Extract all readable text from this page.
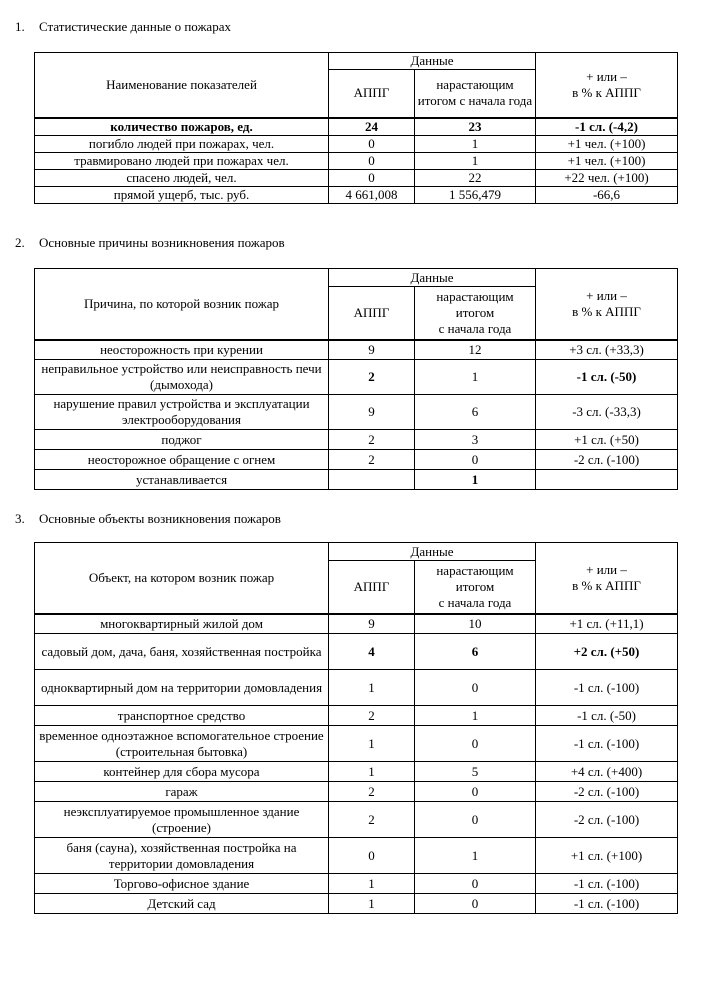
1. Статистические данные о пожарах
Наименование показателей	Данные		+ или –
в % к АППГ
	АППГ	нарастающим итогом с начала года	
количество пожаров, ед.	24	23	-1 сл. (-4,2)
погибло людей при пожарах, чел.	0	1	+1 чел. (+100)
травмировано людей при пожарах чел.	0	1	+1 чел. (+100)
спасено людей, чел.	0	22	+22 чел. (+100)
прямой ущерб, тыс. руб.	4 661,008	1 556,479	-66,6
2. Основные причины возникновения пожаров
Причина, по которой возник пожар	Данные		+ или –
в % к АППГ
	АППГ	нарастающим
итогом
с начала года	
неосторожность при курении	9	12	+3 сл. (+33,3)
неправильное устройство или неисправность печи (дымохода)	2	1	-1 сл. (-50)
нарушение правил устройства и эксплуатации электрооборудования	9	6	-3 сл. (-33,3)
поджог	2	3	+1 сл. (+50)
неосторожное обращение с огнем	2	0	-2 сл. (-100)
устанавливается		1	
3. Основные объекты возникновения пожаров
Объект, на котором возник пожар	Данные		+ или –
в % к АППГ
	АППГ	нарастающим
итогом
с начала года	
многоквартирный жилой дом	9	10	+1 сл. (+11,1)
садовый дом, дача, баня, хозяйственная постройка	4	6	+2 сл. (+50)
одноквартирный дом на территории домовладения	1	0	-1 сл. (-100)
транспортное средство	2	1	-1 сл. (-50)
временное одноэтажное вспомогательное строение (строительная бытовка)	1	0	-1 сл. (-100)
контейнер для сбора мусора	1	5	+4 сл. (+400)
гараж	2	0	-2 сл. (-100)
неэксплуатируемое промышленное здание (строение)	2	0	-2 сл. (-100)
баня (сауна), хозяйственная постройка на территории домовладения	0	1	+1 сл. (+100)
Торгово-офисное здание	1	0	-1 сл. (-100)
Детский сад	1	0	-1 сл. (-100)
